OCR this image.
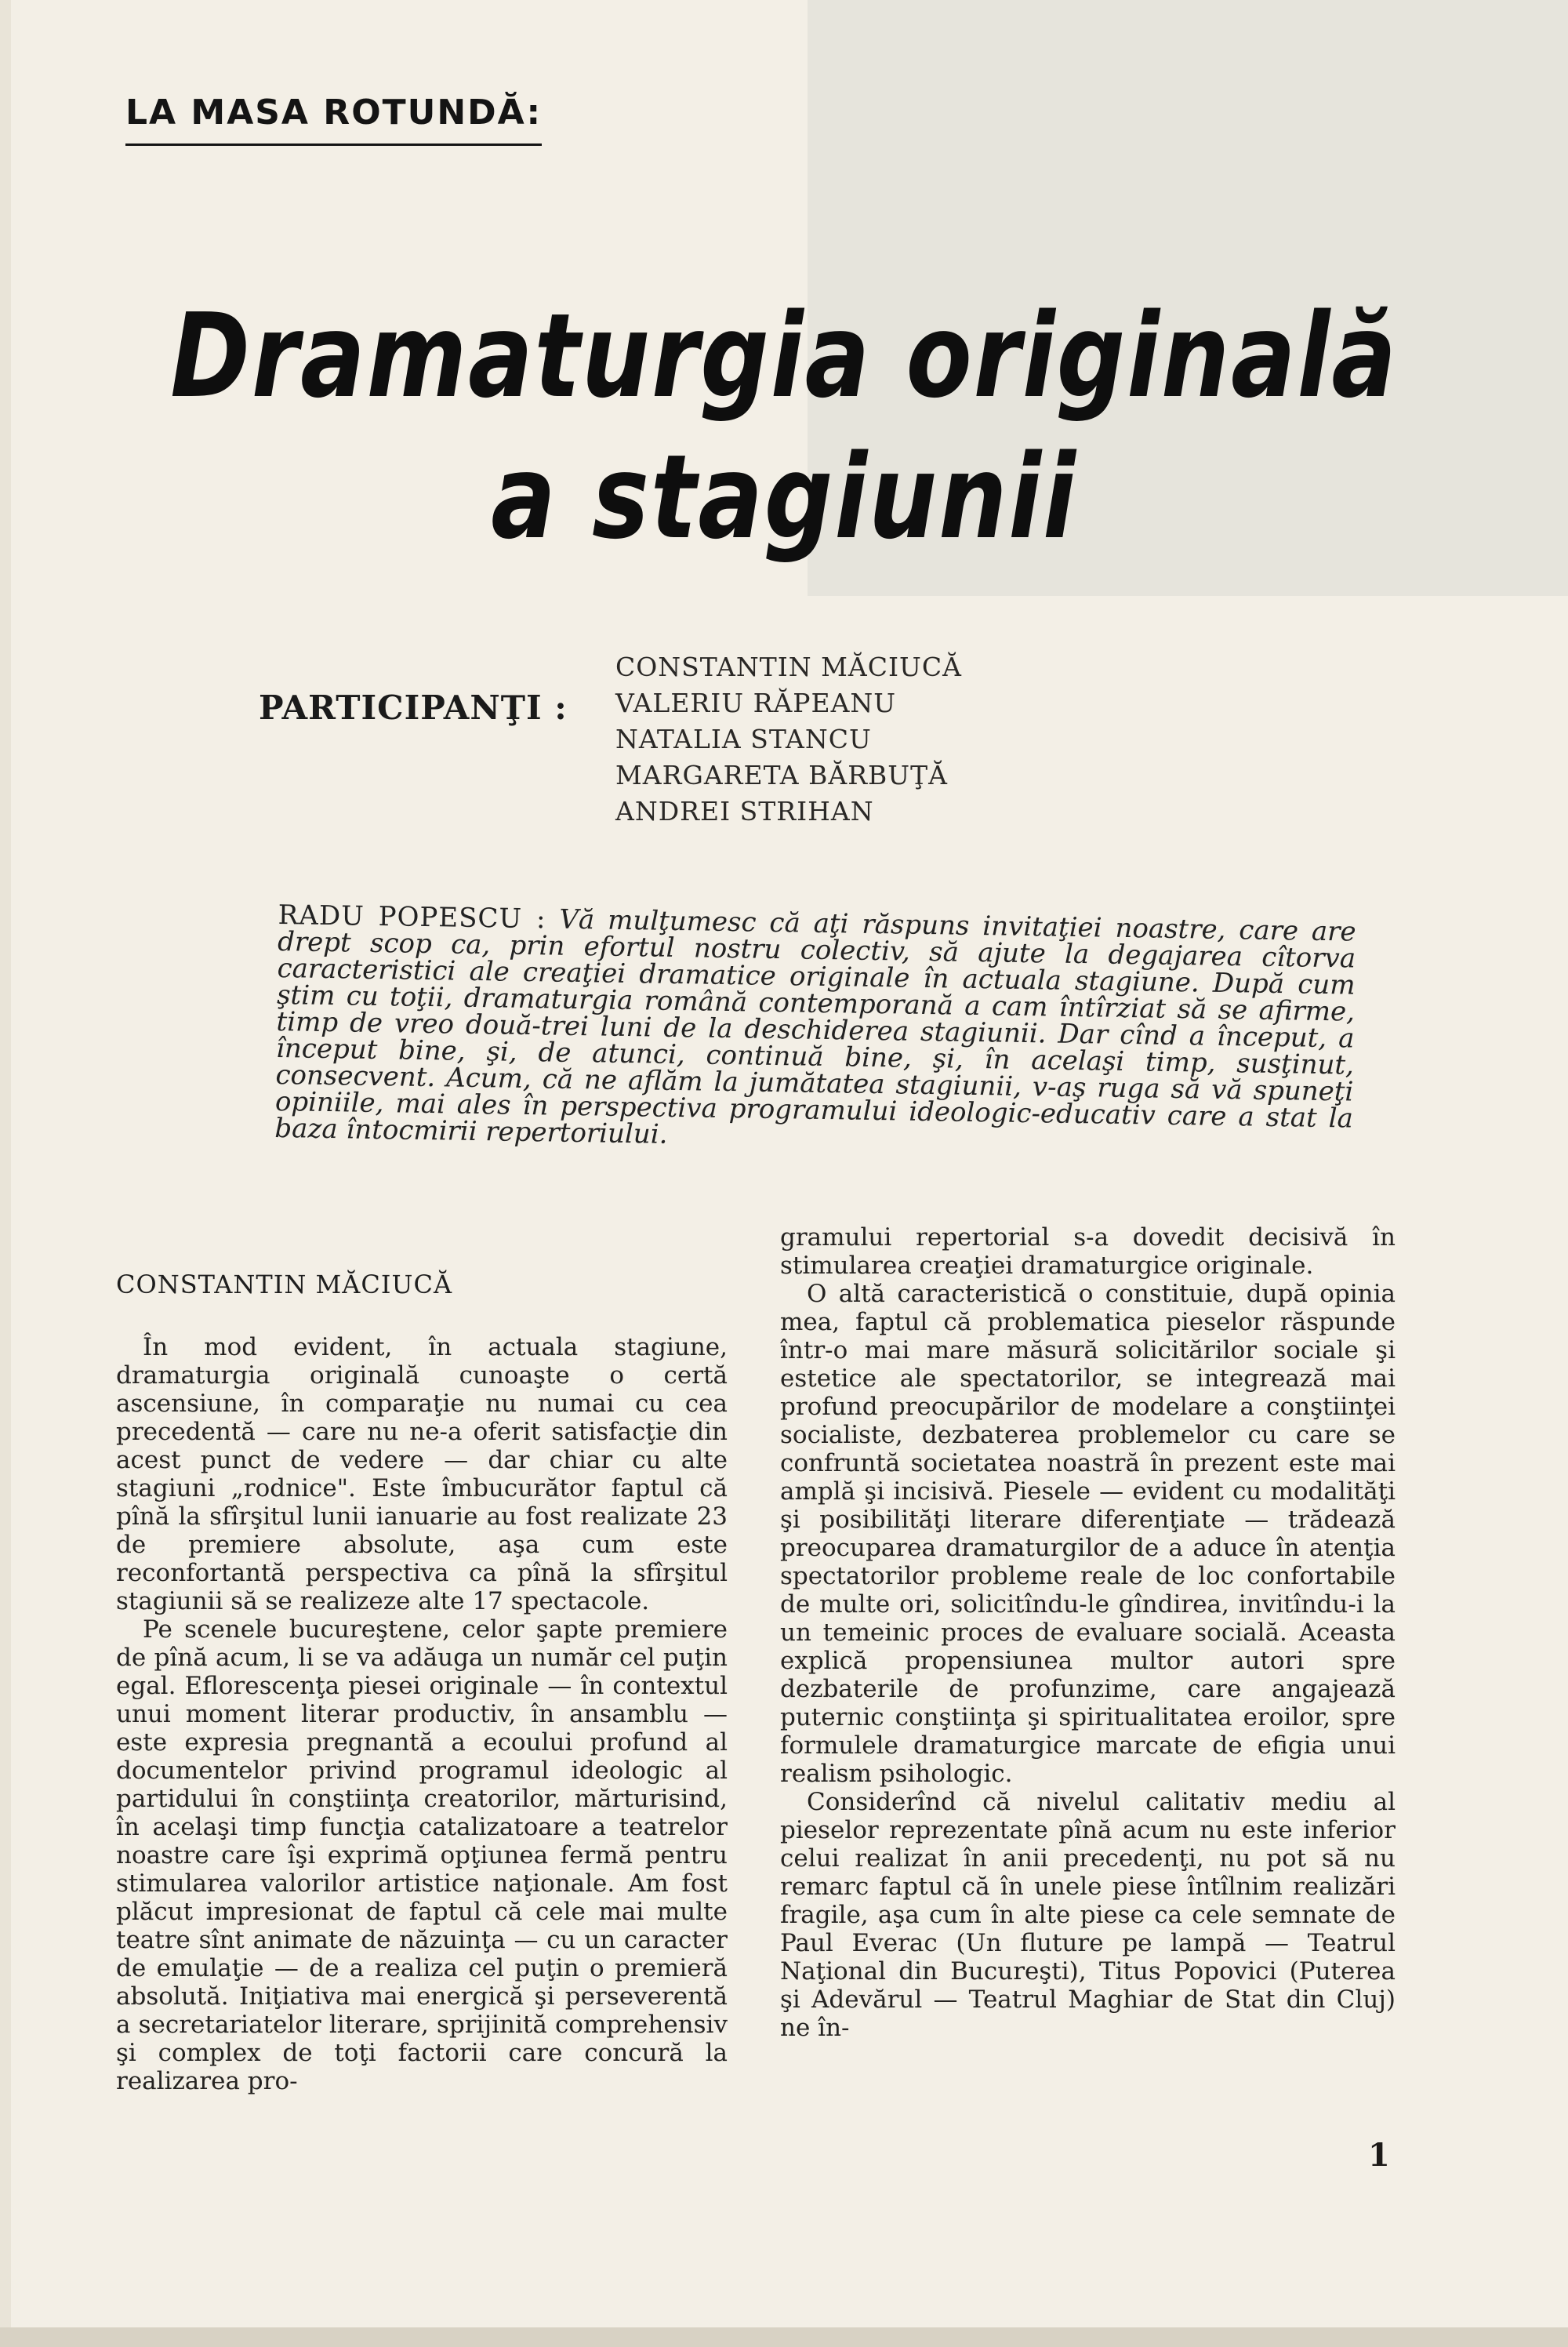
LA MASA ROTUNDĂ:
Dramaturgia originală
a stagiunii
PARTICIPANŢI :
CONSTANTIN MĂCIUCĂ
VALERIU RĂPEANU
NATALIA STANCU
MARGARETA BĂRBUŢĂ
ANDREI STRIHAN
RADU POPESCU : Vă mulţumesc că aţi răspuns invitaţiei noastre, care are drept scop ca, prin efortul nostru colectiv, să ajute la degajarea cîtorva caracteristici ale creaţiei dramatice originale în actuala stagiune. După cum ştim cu toţii, dramaturgia română contemporană a cam întîrziat să se afirme, timp de vreo două-trei luni de la deschiderea stagiunii. Dar cînd a început, a început bine, şi, de atunci, continuă bine, şi, în acelaşi timp, susţinut, consecvent. Acum, că ne aflăm la jumătatea stagiunii, v-aş ruga să vă spuneţi opiniile, mai ales în perspectiva programului ideologic-educativ care a stat la baza întocmirii repertoriului.
CONSTANTIN MĂCIUCĂ

În mod evident, în actuala stagiune, dramaturgia originală cunoaşte o certă ascensiune, în comparaţie nu numai cu cea precedentă — care nu ne-a oferit satisfacţie din acest punct de vedere — dar chiar cu alte stagiuni „rodnice". Este îmbucurător faptul că pînă la sfîrşitul lunii ianuarie au fost realizate 23 de premiere absolute, aşa cum este reconfortantă perspectiva ca pînă la sfîrşitul stagiunii să se realizeze alte 17 spectacole.

Pe scenele bucureştene, celor şapte premiere de pînă acum, li se va adăuga un număr cel puţin egal. Eflorescenţa piesei originale — în contextul unui moment literar productiv, în ansamblu — este expresia pregnantă a ecoului profund al documentelor privind programul ideologic al partidului în conştiinţa creatorilor, mărturisind, în acelaşi timp funcţia catalizatoare a teatrelor noastre care îşi exprimă opţiunea fermă pentru stimularea valorilor artistice naţionale. Am fost plăcut impresionat de faptul că cele mai multe teatre sînt animate de năzuinţa — cu un caracter de emulaţie — de a realiza cel puţin o premieră absolută. Iniţiativa mai energică şi perseverentă a secretariatelor literare, sprijinită comprehensiv şi complex de toţi factorii care concură la realizarea pro-

gramului repertorial s-a dovedit decisivă în stimularea creaţiei dramaturgice originale.

O altă caracteristică o constituie, după opinia mea, faptul că problematica pieselor răspunde într-o mai mare măsură solicitărilor sociale şi estetice ale spectatorilor, se integrează mai profund preocupărilor de modelare a conştiinţei socialiste, dezbaterea problemelor cu care se confruntă societatea noastră în prezent este mai amplă şi incisivă. Piesele — evident cu modalităţi şi posibilităţi literare diferenţiate — trădează preocuparea dramaturgilor de a aduce în atenţia spectatorilor probleme reale de loc confortabile de multe ori, solicitîndu-le gîndirea, invitîndu-i la un temeinic proces de evaluare socială. Aceasta explică propensiunea multor autori spre dezbaterile de profunzime, care angajează puternic conştiinţa şi spiritualitatea eroilor, spre formulele dramaturgice marcate de efigia unui realism psihologic.

Considerînd că nivelul calitativ mediu al pieselor reprezentate pînă acum nu este inferior celui realizat în anii precedenţi, nu pot să nu remarc faptul că în unele piese întîlnim realizări fragile, aşa cum în alte piese ca cele semnate de Paul Everac (Un fluture pe lampă — Teatrul Naţional din Bucureşti), Titus Popovici (Puterea şi Adevărul — Teatrul Maghiar de Stat din Cluj) ne în-

1
